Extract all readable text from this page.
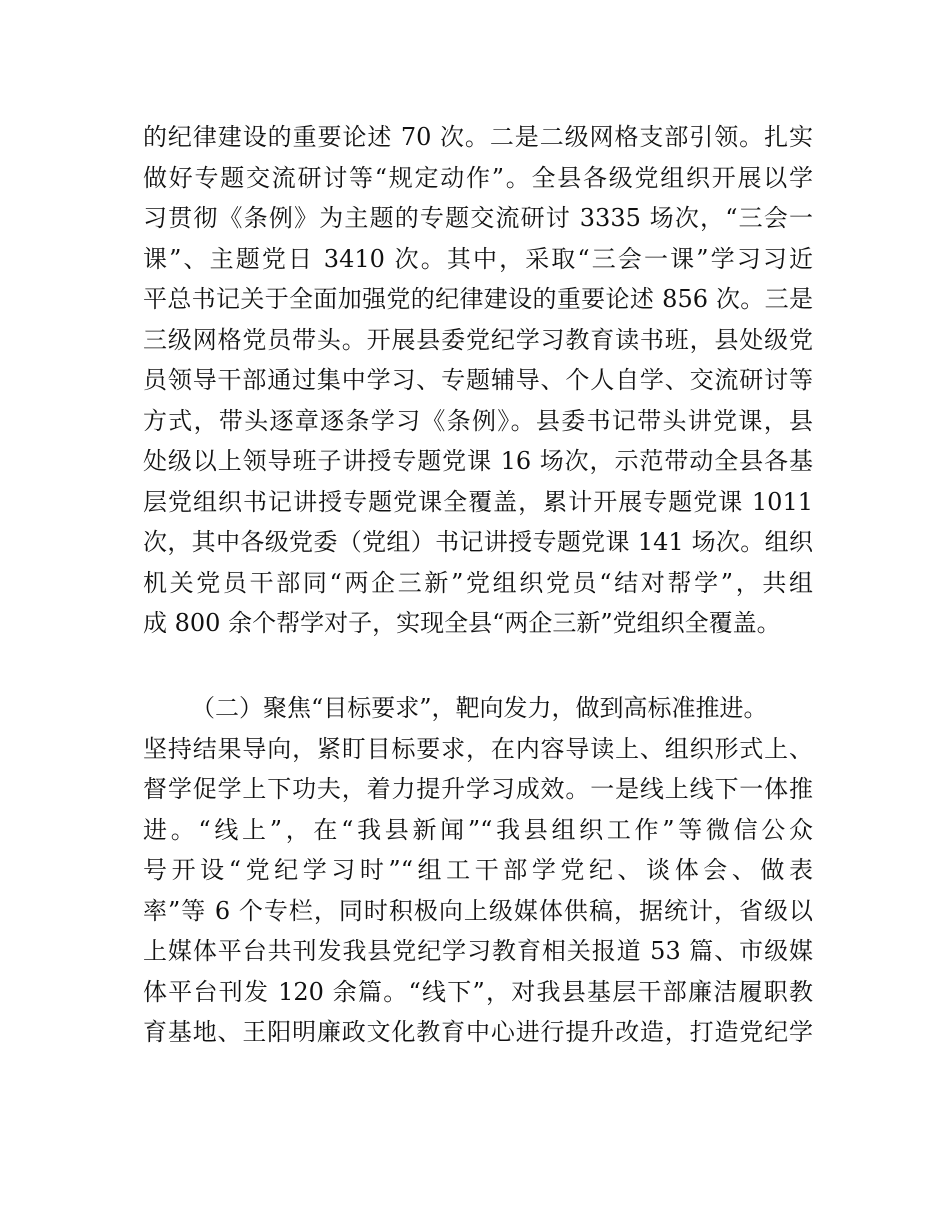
的纪律建设的重要论述 70 次。二是二级网格支部引领。扎实
做好专题交流研讨等“规定动作”。全县各级党组织开展以学
习贯彻《条例》为主题的专题交流研讨 3335 场次，“三会一
课”、主题党日 3410 次。其中，采取“三会一课”学习习近
平总书记关于全面加强党的纪律建设的重要论述 856 次。三是
三级网格党员带头。开展县委党纪学习教育读书班，县处级党
员领导干部通过集中学习、专题辅导、个人自学、交流研讨等
方式，带头逐章逐条学习《条例》。县委书记带头讲党课，县
处级以上领导班子讲授专题党课 16 场次，示范带动全县各基
层党组织书记讲授专题党课全覆盖，累计开展专题党课 1011
次，其中各级党委（党组）书记讲授专题党课 141 场次。组织
机关党员干部同“两企三新”党组织党员“结对帮学”，共组
成 800 余个帮学对子，实现全县“两企三新”党组织全覆盖。
（二）聚焦“目标要求”，靶向发力，做到高标准推进。
坚持结果导向，紧盯目标要求，在内容导读上、组织形式上、
督学促学上下功夫，着力提升学习成效。一是线上线下一体推
进。“线上”，在“我县新闻”“我县组织工作”等微信公众
号开设“党纪学习时”“组工干部学党纪、谈体会、做表
率”等 6 个专栏，同时积极向上级媒体供稿，据统计，省级以
上媒体平台共刊发我县党纪学习教育相关报道 53 篇、市级媒
体平台刊发 120 余篇。“线下”，对我县基层干部廉洁履职教
育基地、王阳明廉政文化教育中心进行提升改造，打造党纪学
